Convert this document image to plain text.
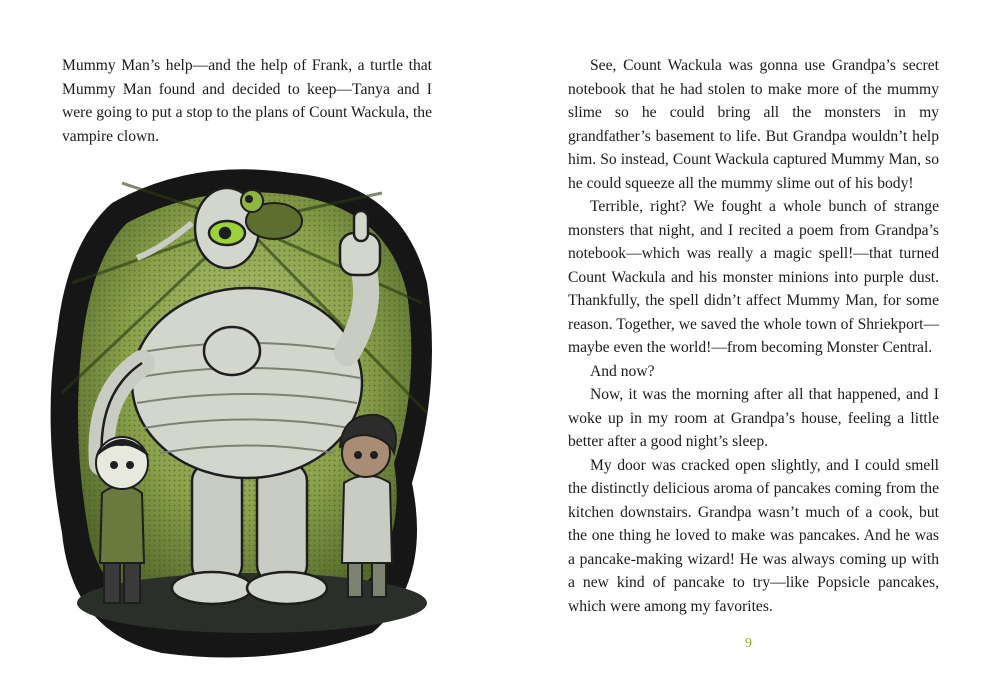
Mummy Man’s help—and the help of Frank, a turtle that Mummy Man found and decided to keep—Tanya and I were going to put a stop to the plans of Count Wackula, the vampire clown.

See, Count Wackula was gonna use Grandpa’s secret notebook that he had stolen to make more of the mummy slime so he could bring all the monsters in my grandfather’s basement to life. But Grandpa wouldn’t help him. So instead, Count Wackula captured Mummy Man, so he could squeeze all the mummy slime out of his body!

Terrible, right? We fought a whole bunch of strange monsters that night, and I recited a poem from Grandpa’s notebook—which was really a magic spell!—that turned Count Wackula and his monster minions into purple dust. Thankfully, the spell didn’t affect Mummy Man, for some reason. Together, we saved the whole town of Shriekport—maybe even the world!—from becoming Monster Central.

And now?

Now, it was the morning after all that happened, and I woke up in my room at Grandpa’s house, feeling a little better after a good night’s sleep.

My door was cracked open slightly, and I could smell the distinctly delicious aroma of pancakes coming from the kitchen downstairs. Grandpa wasn’t much of a cook, but the one thing he loved to make was pancakes. And he was a pancake-making wizard! He was always coming up with a new kind of pancake to try—like Popsicle pancakes, which were among my favorites.

9
